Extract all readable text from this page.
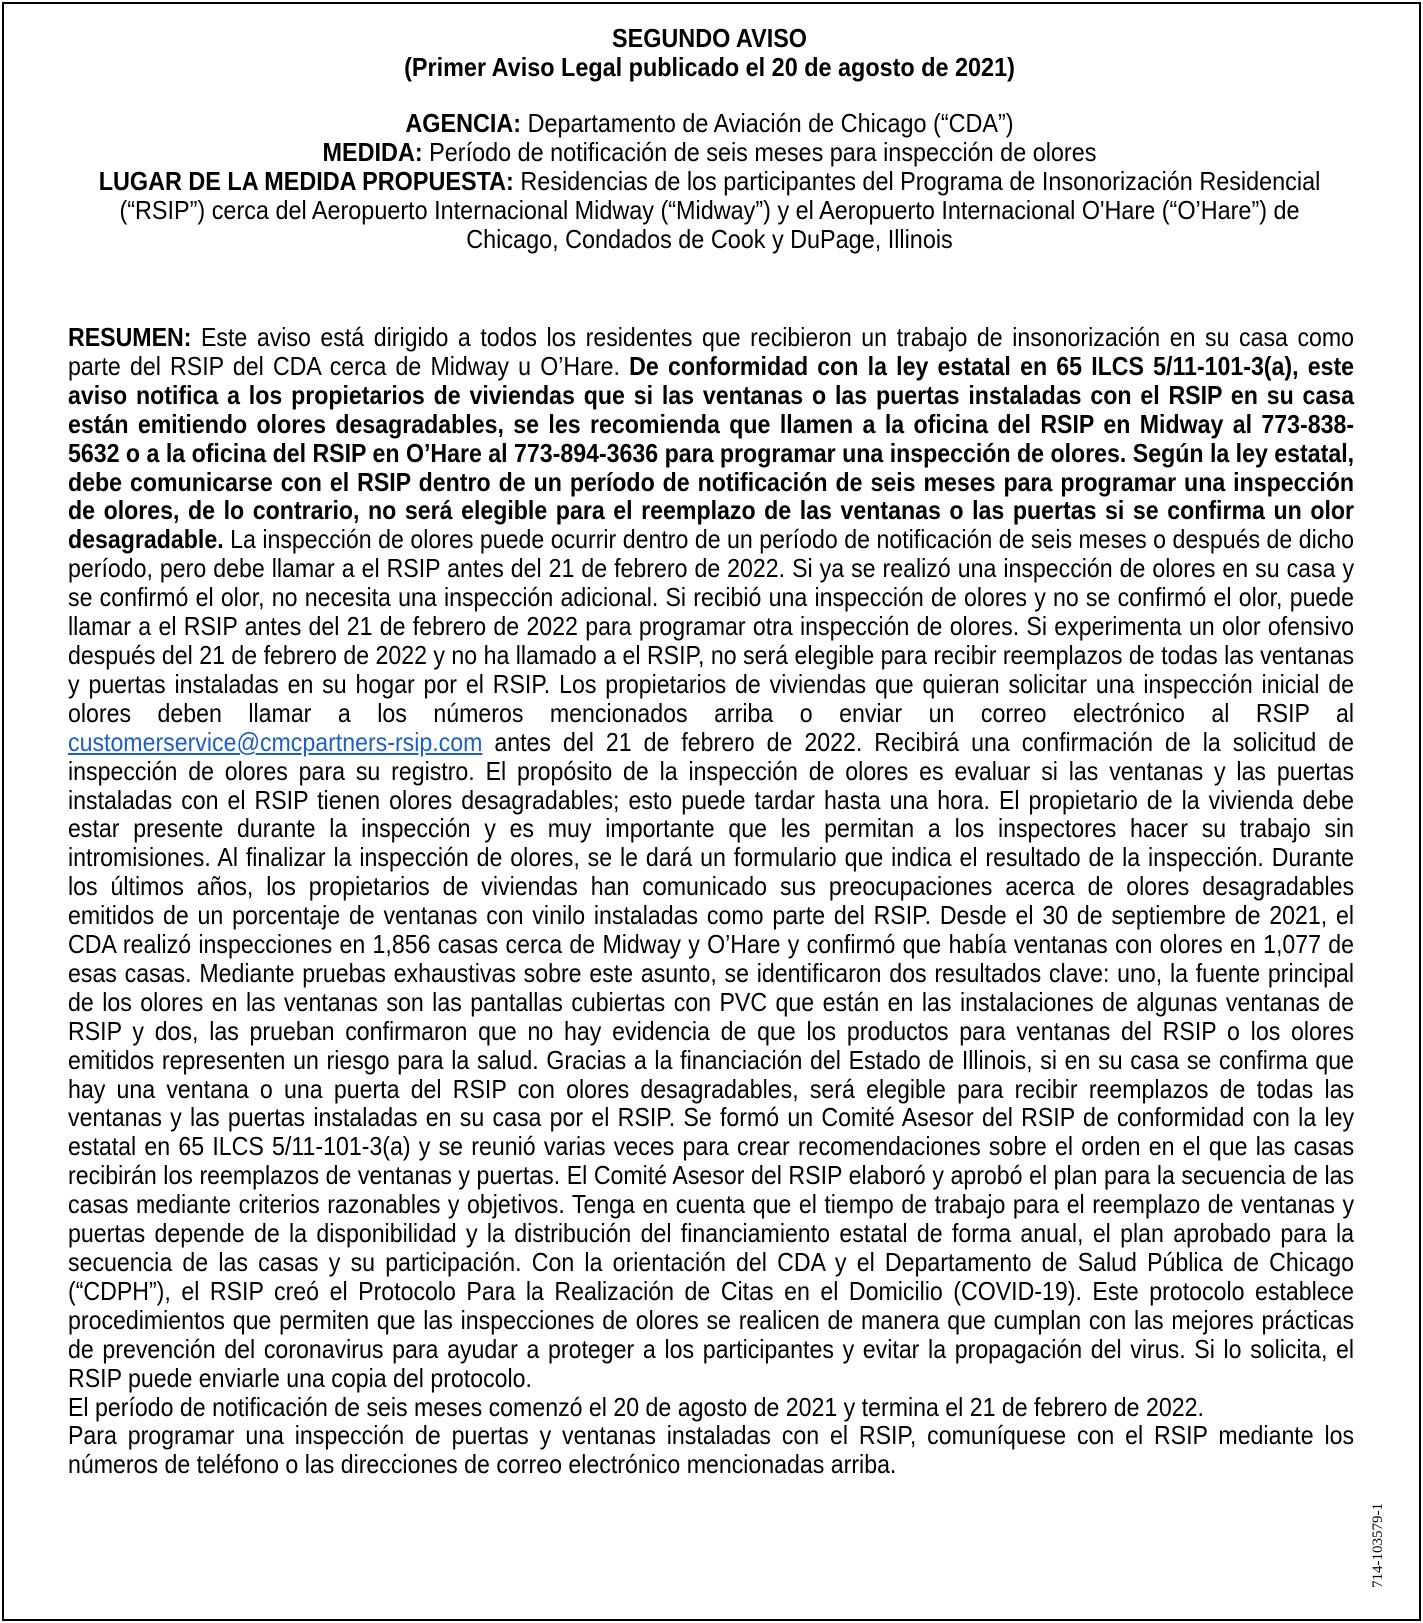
SEGUNDO AVISO

(Primer Aviso Legal publicado el 20 de agosto de 2021)

AGENCIA: Departamento de Aviación de Chicago (“CDA”)

MEDIDA: Período de notificación de seis meses para inspección de olores

LUGAR DE LA MEDIDA PROPUESTA: Residencias de los participantes del Programa de Insonorización Residencial (“RSIP”) cerca del Aeropuerto Internacional Midway (“Midway”) y el Aeropuerto Internacional O'Hare (“O’Hare”) de Chicago, Condados de Cook y DuPage, Illinois

RESUMEN: Este aviso está dirigido a todos los residentes que recibieron un trabajo de insonorización en su casa como parte del RSIP del CDA cerca de Midway u O’Hare. De conformidad con la ley estatal en 65 ILCS 5/11-101-3(a), este aviso notifica a los propietarios de viviendas que si las ventanas o las puertas instaladas con el RSIP en su casa están emitiendo olores desagradables, se les recomienda que llamen a la oficina del RSIP en Midway al 773-838-5632 o a la oficina del RSIP en O’Hare al 773-894-3636 para programar una inspección de olores. Según la ley estatal, debe comunicarse con el RSIP dentro de un período de notificación de seis meses para programar una inspección de olores, de lo contrario, no será elegible para el reemplazo de las ventanas o las puertas si se confirma un olor desagradable. La inspección de olores puede ocurrir dentro de un período de notificación de seis meses o después de dicho período, pero debe llamar a el RSIP antes del 21 de febrero de 2022. Si ya se realizó una inspección de olores en su casa y se confirmó el olor, no necesita una inspección adicional. Si recibió una inspección de olores y no se confirmó el olor, puede llamar a el RSIP antes del 21 de febrero de 2022 para programar otra inspección de olores. Si experimenta un olor ofensivo después del 21 de febrero de 2022 y no ha llamado a el RSIP, no será elegible para recibir reemplazos de todas las ventanas y puertas instaladas en su hogar por el RSIP. Los propietarios de viviendas que quieran solicitar una inspección inicial de olores deben llamar a los números mencionados arriba o enviar un correo electrónico al RSIP al customerservice@cmcpartners-rsip.com antes del 21 de febrero de 2022. Recibirá una confirmación de la solicitud de inspección de olores para su registro. El propósito de la inspección de olores es evaluar si las ventanas y las puertas instaladas con el RSIP tienen olores desagradables; esto puede tardar hasta una hora. El propietario de la vivienda debe estar presente durante la inspección y es muy importante que les permitan a los inspectores hacer su trabajo sin intromisiones. Al finalizar la inspección de olores, se le dará un formulario que indica el resultado de la inspección. Durante los últimos años, los propietarios de viviendas han comunicado sus preocupaciones acerca de olores desagradables emitidos de un porcentaje de ventanas con vinilo instaladas como parte del RSIP. Desde el 30 de septiembre de 2021, el CDA realizó inspecciones en 1,856 casas cerca de Midway y O’Hare y confirmó que había ventanas con olores en 1,077 de esas casas. Mediante pruebas exhaustivas sobre este asunto, se identificaron dos resultados clave: uno, la fuente principal de los olores en las ventanas son las pantallas cubiertas con PVC que están en las instalaciones de algunas ventanas de RSIP y dos, las prueban confirmaron que no hay evidencia de que los productos para ventanas del RSIP o los olores emitidos representen un riesgo para la salud. Gracias a la financiación del Estado de Illinois, si en su casa se confirma que hay una ventana o una puerta del RSIP con olores desagradables, será elegible para recibir reemplazos de todas las ventanas y las puertas instaladas en su casa por el RSIP. Se formó un Comité Asesor del RSIP de conformidad con la ley estatal en 65 ILCS 5/11-101-3(a) y se reunió varias veces para crear recomendaciones sobre el orden en el que las casas recibirán los reemplazos de ventanas y puertas. El Comité Asesor del RSIP elaboró y aprobó el plan para la secuencia de las casas mediante criterios razonables y objetivos. Tenga en cuenta que el tiempo de trabajo para el reemplazo de ventanas y puertas depende de la disponibilidad y la distribución del financiamiento estatal de forma anual, el plan aprobado para la secuencia de las casas y su participación. Con la orientación del CDA y el Departamento de Salud Pública de Chicago (“CDPH”), el RSIP creó el Protocolo Para la Realización de Citas en el Domicilio (COVID-19). Este protocolo establece procedimientos que permiten que las inspecciones de olores se realicen de manera que cumplan con las mejores prácticas de prevención del coronavirus para ayudar a proteger a los participantes y evitar la propagación del virus. Si lo solicita, el RSIP puede enviarle una copia del protocolo.

El período de notificación de seis meses comenzó el 20 de agosto de 2021 y termina el 21 de febrero de 2022.

Para programar una inspección de puertas y ventanas instaladas con el RSIP, comuníquese con el RSIP mediante los números de teléfono o las direcciones de correo electrónico mencionadas arriba.

714-103579-1
